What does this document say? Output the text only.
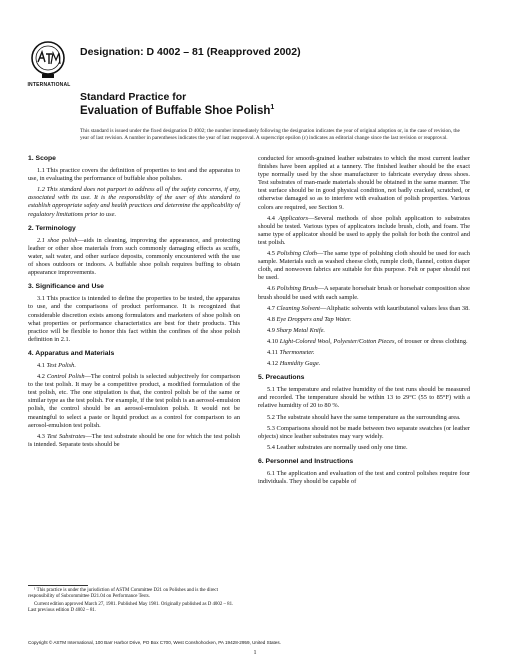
INTERNATIONAL
Designation: D 4002 – 81 (Reapproved 2002)
Standard Practice for
Evaluation of Buffable Shoe Polish$^1$
This standard is issued under the fixed designation D 4002; the number immediately following the designation indicates the year of original adoption or, in the case of revision, the year of last revision. A number in parentheses indicates the year of last reapproval. A superscript epsilon (ε) indicates an editorial change since the last revision or reapproval.
1. Scope

1.1 This practice covers the definition of properties to test and the apparatus to use, in evaluating the performance of buffable shoe polishes.

1.2 This standard does not purport to address all of the safety concerns, if any, associated with its use. It is the responsibility of the user of this standard to establish appropriate safety and health practices and determine the applicability of regulatory limitations prior to use.

2. Terminology

2.1 shoe polish—aids in cleaning, improving the appearance, and protecting leather or other shoe materials from such commonly damaging effects as scuffs, water, salt water, and other surface deposits, commonly encountered with the use of shoes outdoors or indoors. A buffable shoe polish requires buffing to obtain appearance improvements.

3. Significance and Use

3.1 This practice is intended to define the properties to be tested, the apparatus to use, and the comparisons of product performance. It is recognized that considerable discretion exists among formulators and marketers of shoe polish on what properties or performance characteristics are best for their products. This practice will be flexible to honor this fact within the confines of the shoe polish definition in 2.1.

4. Apparatus and Materials

4.1 Test Polish.

4.2 Control Polish—The control polish is selected subjectively for comparison to the test polish. It may be a competitive product, a modified formulation of the test polish, etc. The one stipulation is that, the control polish be of the same or similar type as the test polish. For example, if the test polish is an aerosol-emulsion polish, the control should be an aerosol-emulsion polish. It would not be meaningful to select a paste or liquid product as a control for comparison to an aerosol-emulsion test polish.

4.3 Test Substrates—The test substrate should be one for which the test polish is intended. Separate tests should be

conducted for smooth-grained leather substrates to which the most current leather finishes have been applied at a tannery. The finished leather should be the exact type normally used by the shoe manufacturer to fabricate everyday dress shoes. Test substrates of man-made materials should be obtained in the same manner. The test surface should be in good physical condition, not badly cracked, scratched, or otherwise damaged so as to interfere with evaluation of polish properties. Various colors are required, see Section 9.

4.4 Applicators—Several methods of shoe polish application to substrates should be tested. Various types of applicators include brush, cloth, and foam. The same type of applicator should be used to apply the polish for both the control and test polish.

4.5 Polishing Cloth—The same type of polishing cloth should be used for each sample. Materials such as washed cheese cloth, rumple cloth, flannel, cotton diaper cloth, and nonwoven fabrics are suitable for this purpose. Felt or paper should not be used.

4.6 Polishing Brush—A separate horsehair brush or horsehair composition shoe brush should be used with each sample.

4.7 Cleaning Solvent—Aliphatic solvents with kauributanol values less than 38.

4.8 Eye Droppers and Tap Water.

4.9 Sharp Metal Knife.

4.10 Light-Colored Wool, Polyester/Cotton Pieces, of trouser or dress clothing.

4.11 Thermometer.

4.12 Humidity Gage.

5. Precautions

5.1 The temperature and relative humidity of the test runs should be measured and recorded. The temperature should be within 13 to 29°C (55 to 85°F) with a relative humidity of 20 to 80 %.

5.2 The substrate should have the same temperature as the surrounding area.

5.3 Comparisons should not be made between two separate swatches (or leather objects) since leather substrates may vary widely.

5.4 Leather substrates are normally used only one time.

6. Personnel and Instructions

6.1 The application and evaluation of the test and control polishes require four individuals. They should be capable of

¹ This practice is under the jurisdiction of ASTM Committee D21 on Polishes and is the direct responsibility of Subcommittee D21.04 on Performance Tests.

Current edition approved March 27, 1981. Published May 1981. Originally published as D 4002 – 81. Last previous edition D 4002 – 81.

Copyright © ASTM International, 100 Barr Harbor Drive, PO Box C700, West Conshohocken, PA 19428-2959, United States.
1
